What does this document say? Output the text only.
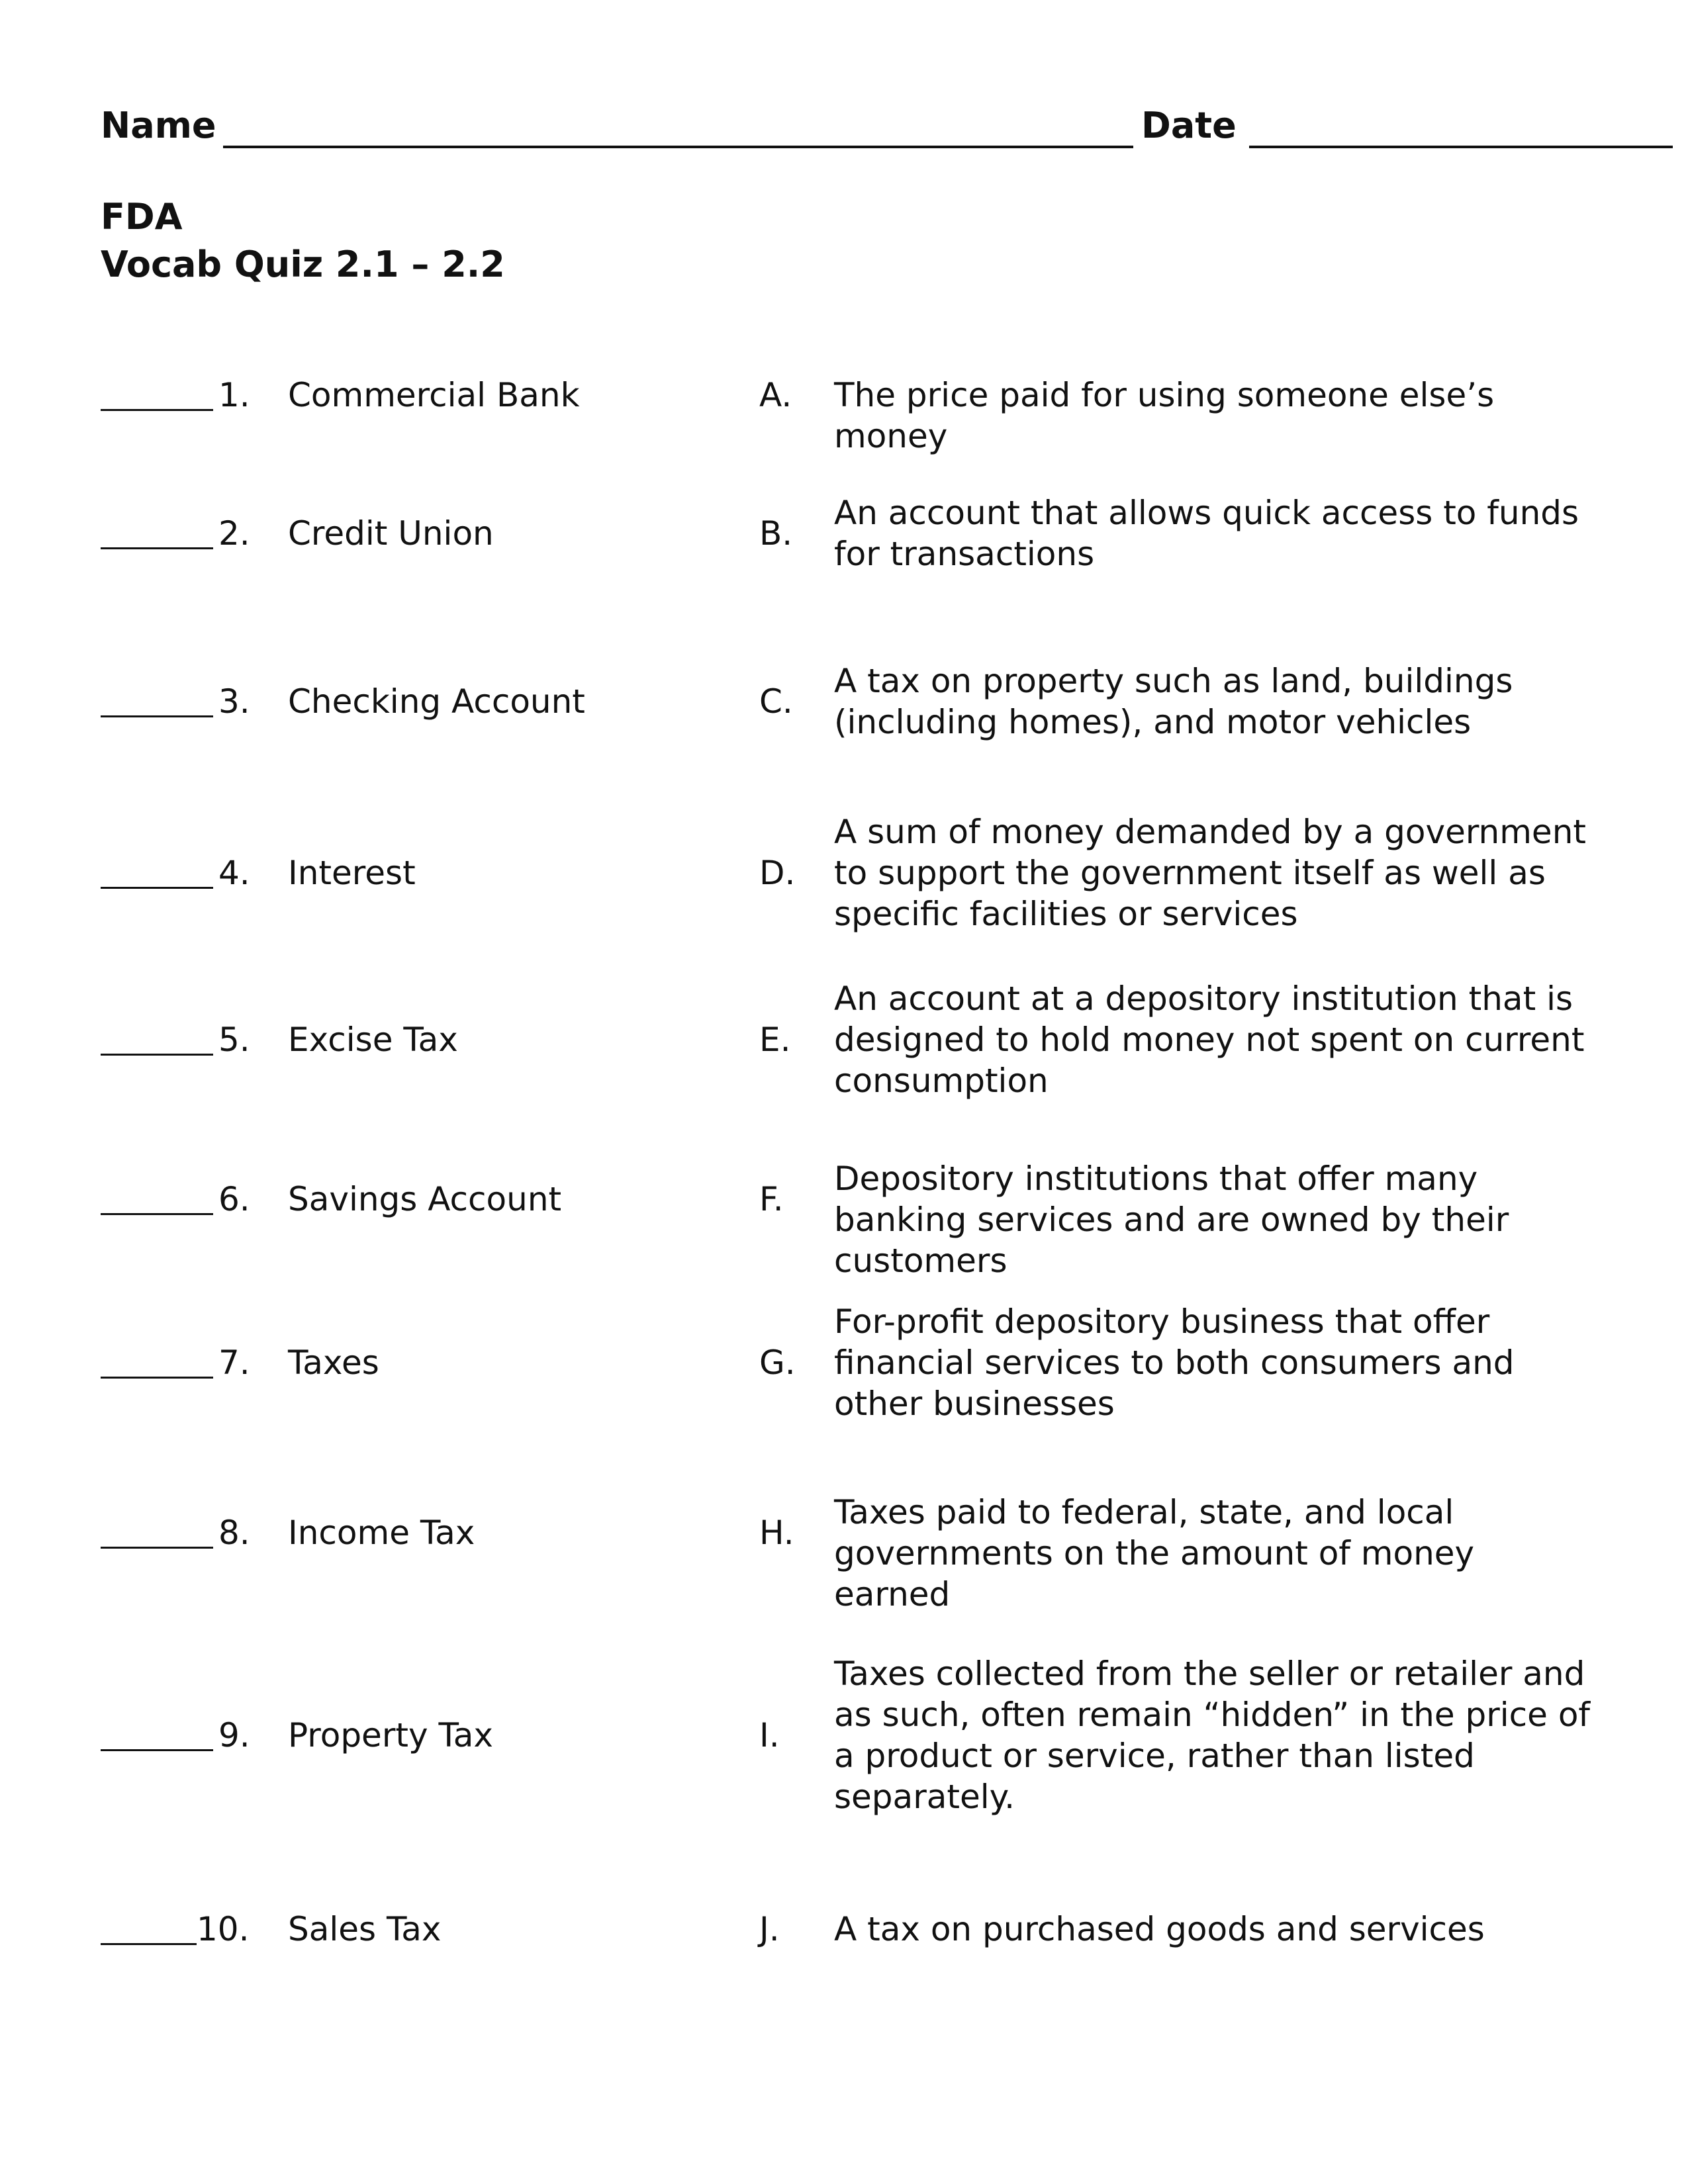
Name	Date
FDA
Vocab Quiz 2.1 – 2.2
1. Commercial Bank	A.	The price paid for using someone else’s money
2. Credit Union	B.
An account that allows quick access to funds for transactions
3. Checking Account	C.
A tax on property such as land, buildings (including homes), and motor vehicles
4. Interest	D.
A sum of money demanded by a government to support the government itself as well as specific facilities or services
5. Excise Tax	E.
An account at a depository institution that is designed to hold money not spent on current consumption
6. Savings Account	F.
Depository institutions that offer many banking services and are owned by their customers
7. Taxes	G.
For-profit depository business that offer financial services to both consumers and other businesses
8. Income Tax	H.
Taxes paid to federal, state, and local governments on the amount of money earned
9. Property Tax	I.
Taxes collected from the seller or retailer and as such, often remain “hidden” in the price of a product or service, rather than listed separately.
10. Sales Tax	J.	A tax on purchased goods and services
